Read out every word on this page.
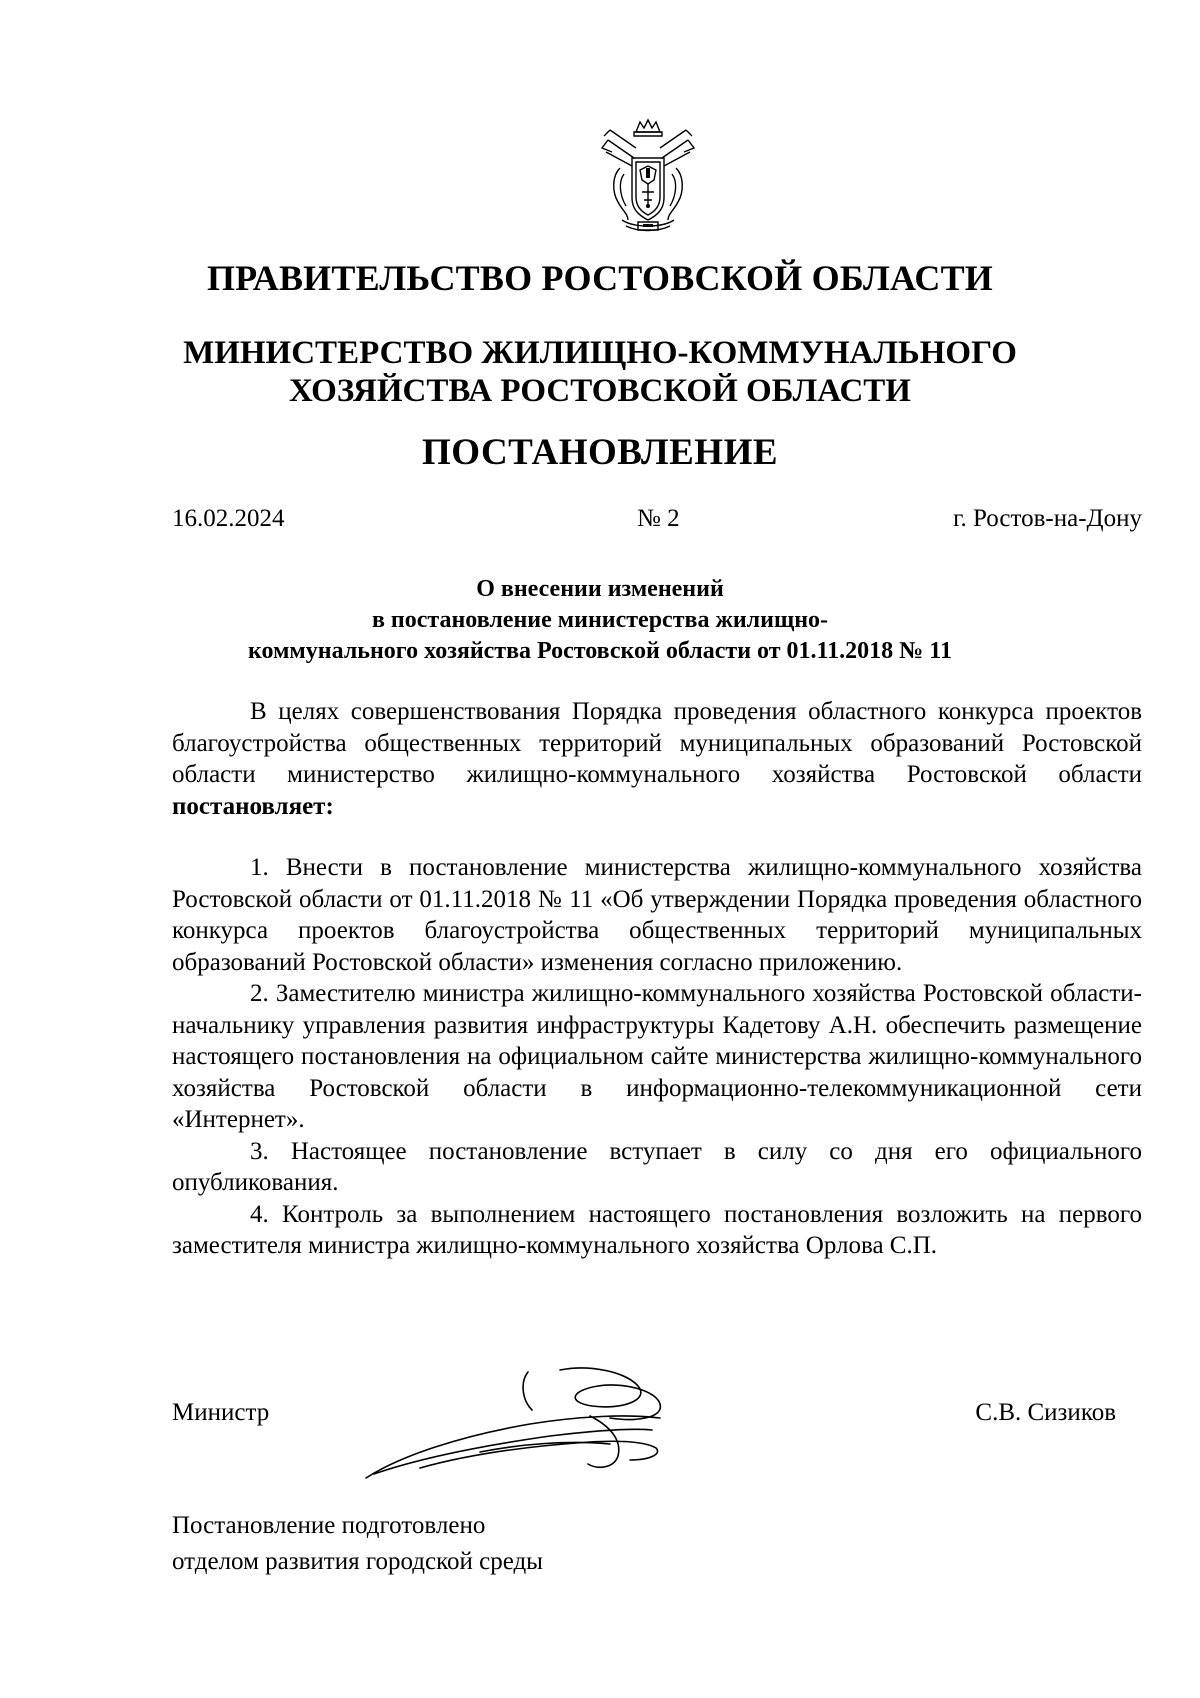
ПРАВИТЕЛЬСТВО РОСТОВСКОЙ ОБЛАСТИ
МИНИСТЕРСТВО ЖИЛИЩНО-КОММУНАЛЬНОГО
ХОЗЯЙСТВА РОСТОВСКОЙ ОБЛАСТИ
ПОСТАНОВЛЕНИЕ
16.02.2024	№ 2	г. Ростов-на-Дону
О внесении изменений
в постановление министерства жилищно-
коммунального хозяйства Ростовской области от 01.11.2018 № 11

В целях совершенствования Порядка проведения областного конкурса проектов благоустройства общественных территорий муниципальных образований Ростовской области министерство жилищно-коммунального хозяйства Ростовской области постановляет:

1. Внести в постановление министерства жилищно-коммунального хозяйства Ростовской области от 01.11.2018 № 11 «Об утверждении Порядка проведения областного конкурса проектов благоустройства общественных территорий муниципальных образований Ростовской области» изменения согласно приложению.

2. Заместителю министра жилищно-коммунального хозяйства Ростовской области-начальнику управления развития инфраструктуры Кадетову А.Н. обеспечить размещение настоящего постановления на официальном сайте министерства жилищно-коммунального хозяйства Ростовской области в информационно-телекоммуникационной сети «Интернет».

3. Настоящее постановление вступает в силу со дня его официального опубликования.

4. Контроль за выполнением настоящего постановления возложить на первого заместителя министра жилищно-коммунального хозяйства Орлова С.П.

Министр	С.В. Сизиков
Постановление подготовлено
отделом развития городской среды
